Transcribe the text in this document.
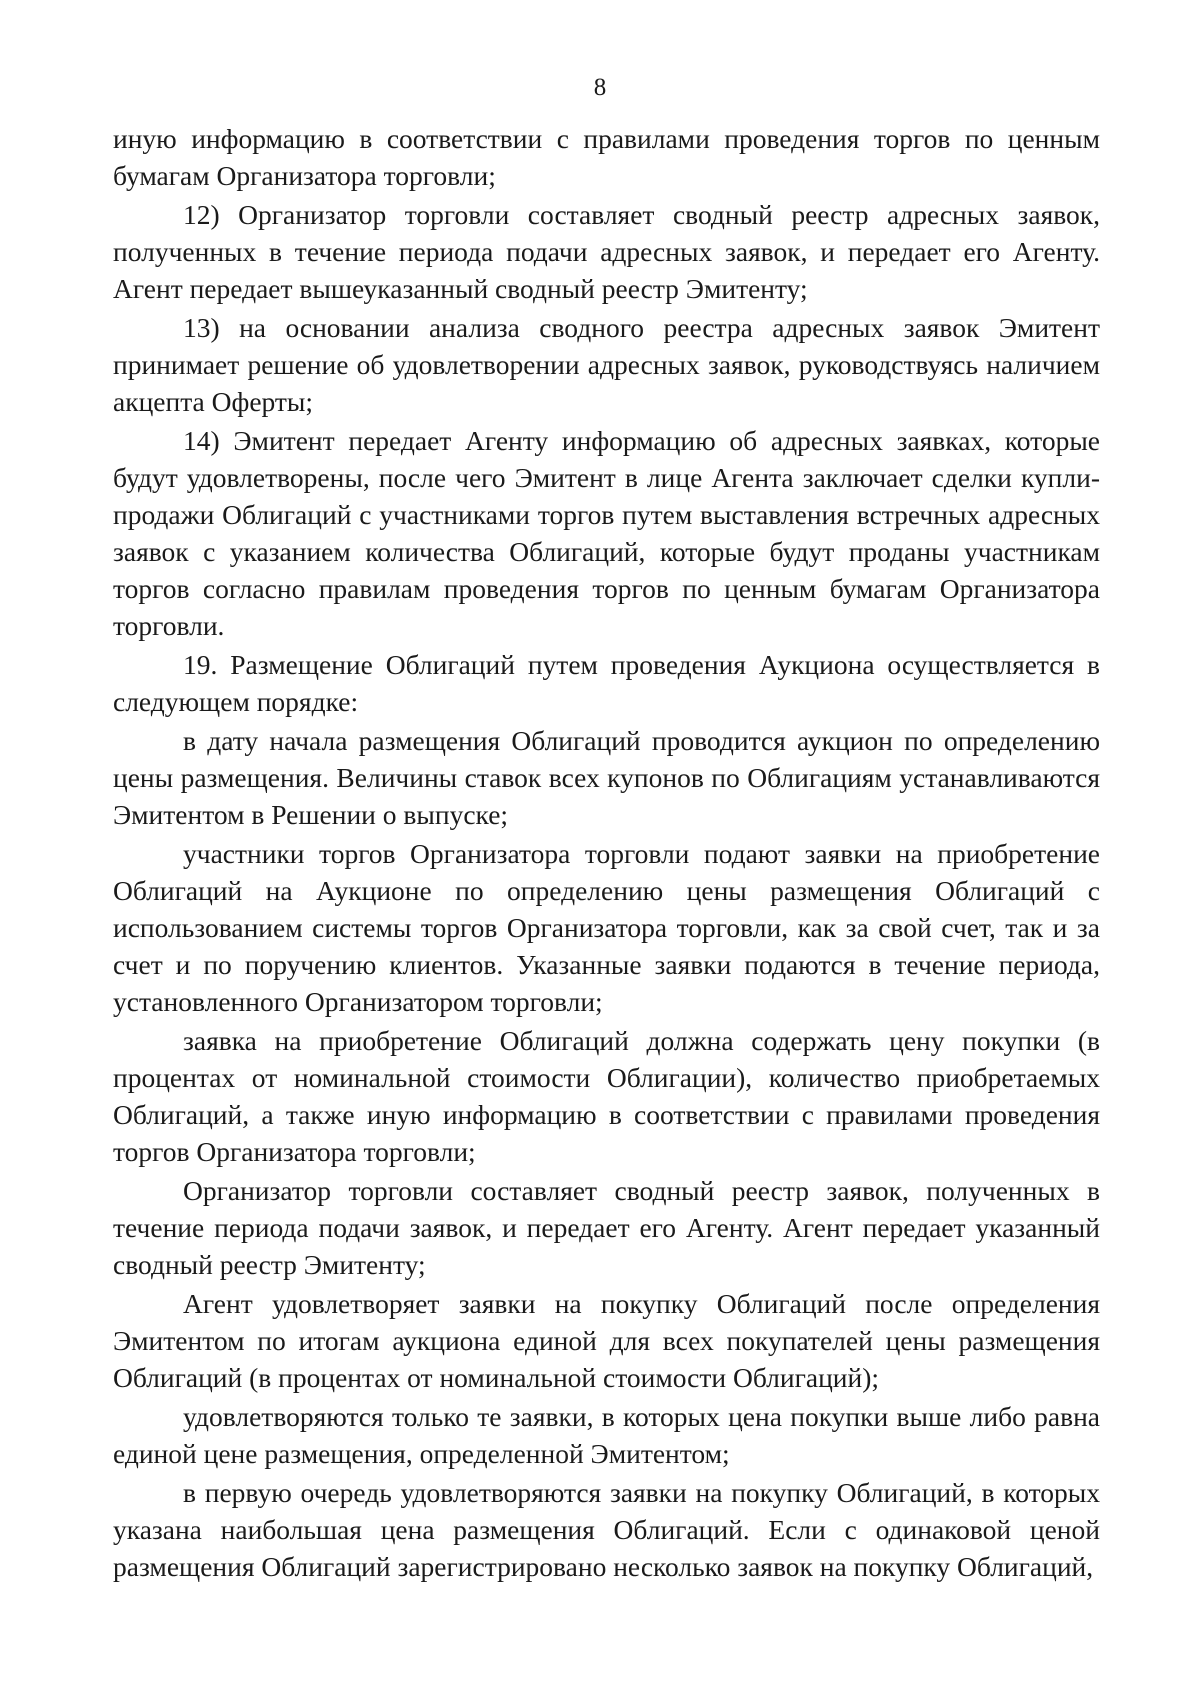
8

иную информацию в соответствии с правилами проведения торгов по ценным бумагам Организатора торговли;

12) Организатор торговли составляет сводный реестр адресных заявок, полученных в течение периода подачи адресных заявок, и передает его Агенту. Агент передает вышеуказанный сводный реестр Эмитенту;

13) на основании анализа сводного реестра адресных заявок Эмитент принимает решение об удовлетворении адресных заявок, руководствуясь наличием акцепта Оферты;

14) Эмитент передает Агенту информацию об адресных заявках, которые будут удовлетворены, после чего Эмитент в лице Агента заключает сделки купли-продажи Облигаций с участниками торгов путем выставления встречных адресных заявок с указанием количества Облигаций, которые будут проданы участникам торгов согласно правилам проведения торгов по ценным бумагам Организатора торговли.

19. Размещение Облигаций путем проведения Аукциона осуществляется в следующем порядке:

в дату начала размещения Облигаций проводится аукцион по определению цены размещения. Величины ставок всех купонов по Облигациям устанавливаются Эмитентом в Решении о выпуске;

участники торгов Организатора торговли подают заявки на приобретение Облигаций на Аукционе по определению цены размещения Облигаций с использованием системы торгов Организатора торговли, как за свой счет, так и за счет и по поручению клиентов. Указанные заявки подаются в течение периода, установленного Организатором торговли;

заявка на приобретение Облигаций должна содержать цену покупки (в процентах от номинальной стоимости Облигации), количество приобретаемых Облигаций, а также иную информацию в соответствии с правилами проведения торгов Организатора торговли;

Организатор торговли составляет сводный реестр заявок, полученных в течение периода подачи заявок, и передает его Агенту. Агент передает указанный сводный реестр Эмитенту;

Агент удовлетворяет заявки на покупку Облигаций после определения Эмитентом по итогам аукциона единой для всех покупателей цены размещения Облигаций (в процентах от номинальной стоимости Облигаций);

удовлетворяются только те заявки, в которых цена покупки выше либо равна единой цене размещения, определенной Эмитентом;

в первую очередь удовлетворяются заявки на покупку Облигаций, в которых указана наибольшая цена размещения Облигаций. Если с одинаковой ценой размещения Облигаций зарегистрировано несколько заявок на покупку Облигаций,
